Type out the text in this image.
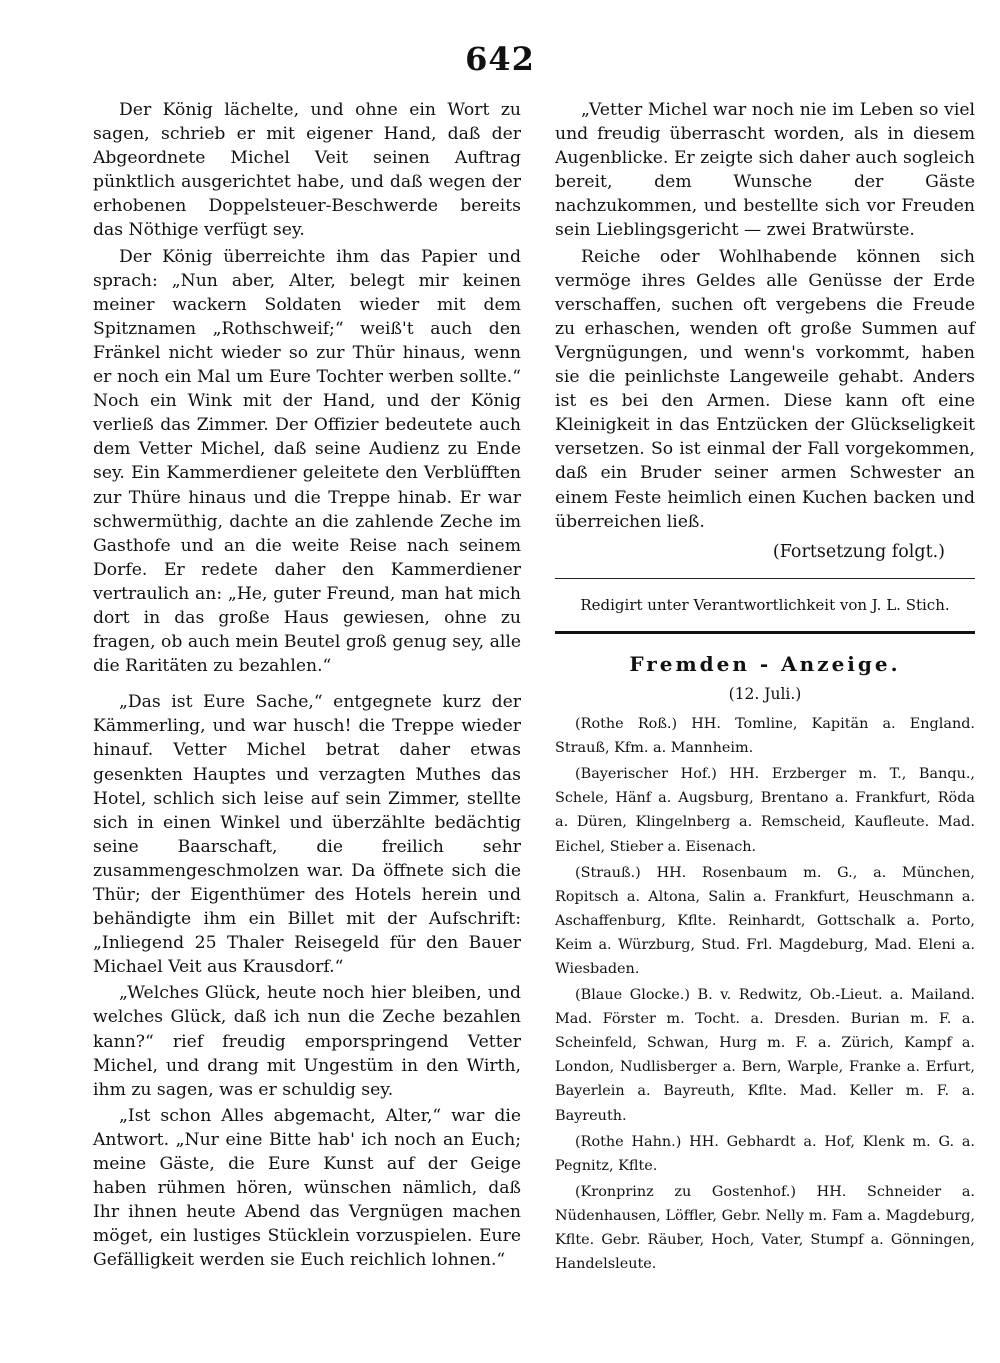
642

Der König lächelte, und ohne ein Wort zu sagen, schrieb er mit eigener Hand, daß der Abgeordnete Michel Veit seinen Auftrag pünktlich ausgerichtet habe, und daß wegen der erhobenen Doppelsteuer-Beschwerde bereits das Nöthige verfügt sey.

Der König überreichte ihm das Papier und sprach: „Nun aber, Alter, belegt mir keinen meiner wackern Soldaten wieder mit dem Spitznamen „Rothschweif;“ weiß't auch den Fränkel nicht wieder so zur Thür hinaus, wenn er noch ein Mal um Eure Tochter werben sollte.“ Noch ein Wink mit der Hand, und der König verließ das Zimmer. Der Offizier bedeutete auch dem Vetter Michel, daß seine Audienz zu Ende sey. Ein Kammerdiener geleitete den Verblüfften zur Thüre hinaus und die Treppe hinab. Er war schwermüthig, dachte an die zahlende Zeche im Gasthofe und an die weite Reise nach seinem Dorfe. Er redete daher den Kammerdiener vertraulich an: „He, guter Freund, man hat mich dort in das große Haus gewiesen, ohne zu fragen, ob auch mein Beutel groß genug sey, alle die Raritäten zu bezahlen.“

„Das ist Eure Sache,“ entgegnete kurz der Kämmerling, und war husch! die Treppe wieder hinauf. Vetter Michel betrat daher etwas gesenkten Hauptes und verzagten Muthes das Hotel, schlich sich leise auf sein Zimmer, stellte sich in einen Winkel und überzählte bedächtig seine Baarschaft, die freilich sehr zusammengeschmolzen war. Da öffnete sich die Thür; der Eigenthümer des Hotels herein und behändigte ihm ein Billet mit der Aufschrift: „Inliegend 25 Thaler Reisegeld für den Bauer Michael Veit aus Krausdorf.“

„Welches Glück, heute noch hier bleiben, und welches Glück, daß ich nun die Zeche bezahlen kann?“ rief freudig emporspringend Vetter Michel, und drang mit Ungestüm in den Wirth, ihm zu sagen, was er schuldig sey.

„Ist schon Alles abgemacht, Alter,“ war die Antwort. „Nur eine Bitte hab' ich noch an Euch; meine Gäste, die Eure Kunst auf der Geige haben rühmen hören, wünschen nämlich, daß Ihr ihnen heute Abend das Vergnügen machen möget, ein lustiges Stücklein vorzuspielen. Eure Gefälligkeit werden sie Euch reichlich lohnen.“

„Vetter Michel war noch nie im Leben so viel und freudig überrascht worden, als in diesem Augenblicke. Er zeigte sich daher auch sogleich bereit, dem Wunsche der Gäste nachzukommen, und bestellte sich vor Freuden sein Lieblingsgericht — zwei Bratwürste.

Reiche oder Wohlhabende können sich vermöge ihres Geldes alle Genüsse der Erde verschaffen, suchen oft vergebens die Freude zu erhaschen, wenden oft große Summen auf Vergnügungen, und wenn's vorkommt, haben sie die peinlichste Langeweile gehabt. Anders ist es bei den Armen. Diese kann oft eine Kleinigkeit in das Entzücken der Glückseligkeit versetzen. So ist einmal der Fall vorgekommen, daß ein Bruder seiner armen Schwester an einem Feste heimlich einen Kuchen backen und überreichen ließ.

(Fortsetzung folgt.)
Redigirt unter Verantwortlichkeit von J. L. Stich.
Fremden - Anzeige.
(12. Juli.)

(Rothe Roß.) HH. Tomline, Kapitän a. England. Strauß, Kfm. a. Mannheim.

(Bayerischer Hof.) HH. Erzberger m. T., Banqu., Schele, Hänf a. Augsburg, Brentano a. Frankfurt, Röda a. Düren, Klingelnberg a. Remscheid, Kaufleute. Mad. Eichel, Stieber a. Eisenach.

(Strauß.) HH. Rosenbaum m. G., a. München, Ropitsch a. Altona, Salin a. Frankfurt, Heuschmann a. Aschaffenburg, Kflte. Reinhardt, Gottschalk a. Porto, Keim a. Würzburg, Stud. Frl. Magdeburg, Mad. Eleni a. Wiesbaden.

(Blaue Glocke.) B. v. Redwitz, Ob.-Lieut. a. Mailand. Mad. Förster m. Tocht. a. Dresden. Burian m. F. a. Scheinfeld, Schwan, Hurg m. F. a. Zürich, Kampf a. London, Nudlisberger a. Bern, Warple, Franke a. Erfurt, Bayerlein a. Bayreuth, Kflte. Mad. Keller m. F. a. Bayreuth.

(Rothe Hahn.) HH. Gebhardt a. Hof, Klenk m. G. a. Pegnitz, Kflte.

(Kronprinz zu Gostenhof.) HH. Schneider a. Nüdenhausen, Löffler, Gebr. Nelly m. Fam a. Magdeburg, Kflte. Gebr. Räuber, Hoch, Vater, Stumpf a. Gönningen, Handelsleute.
